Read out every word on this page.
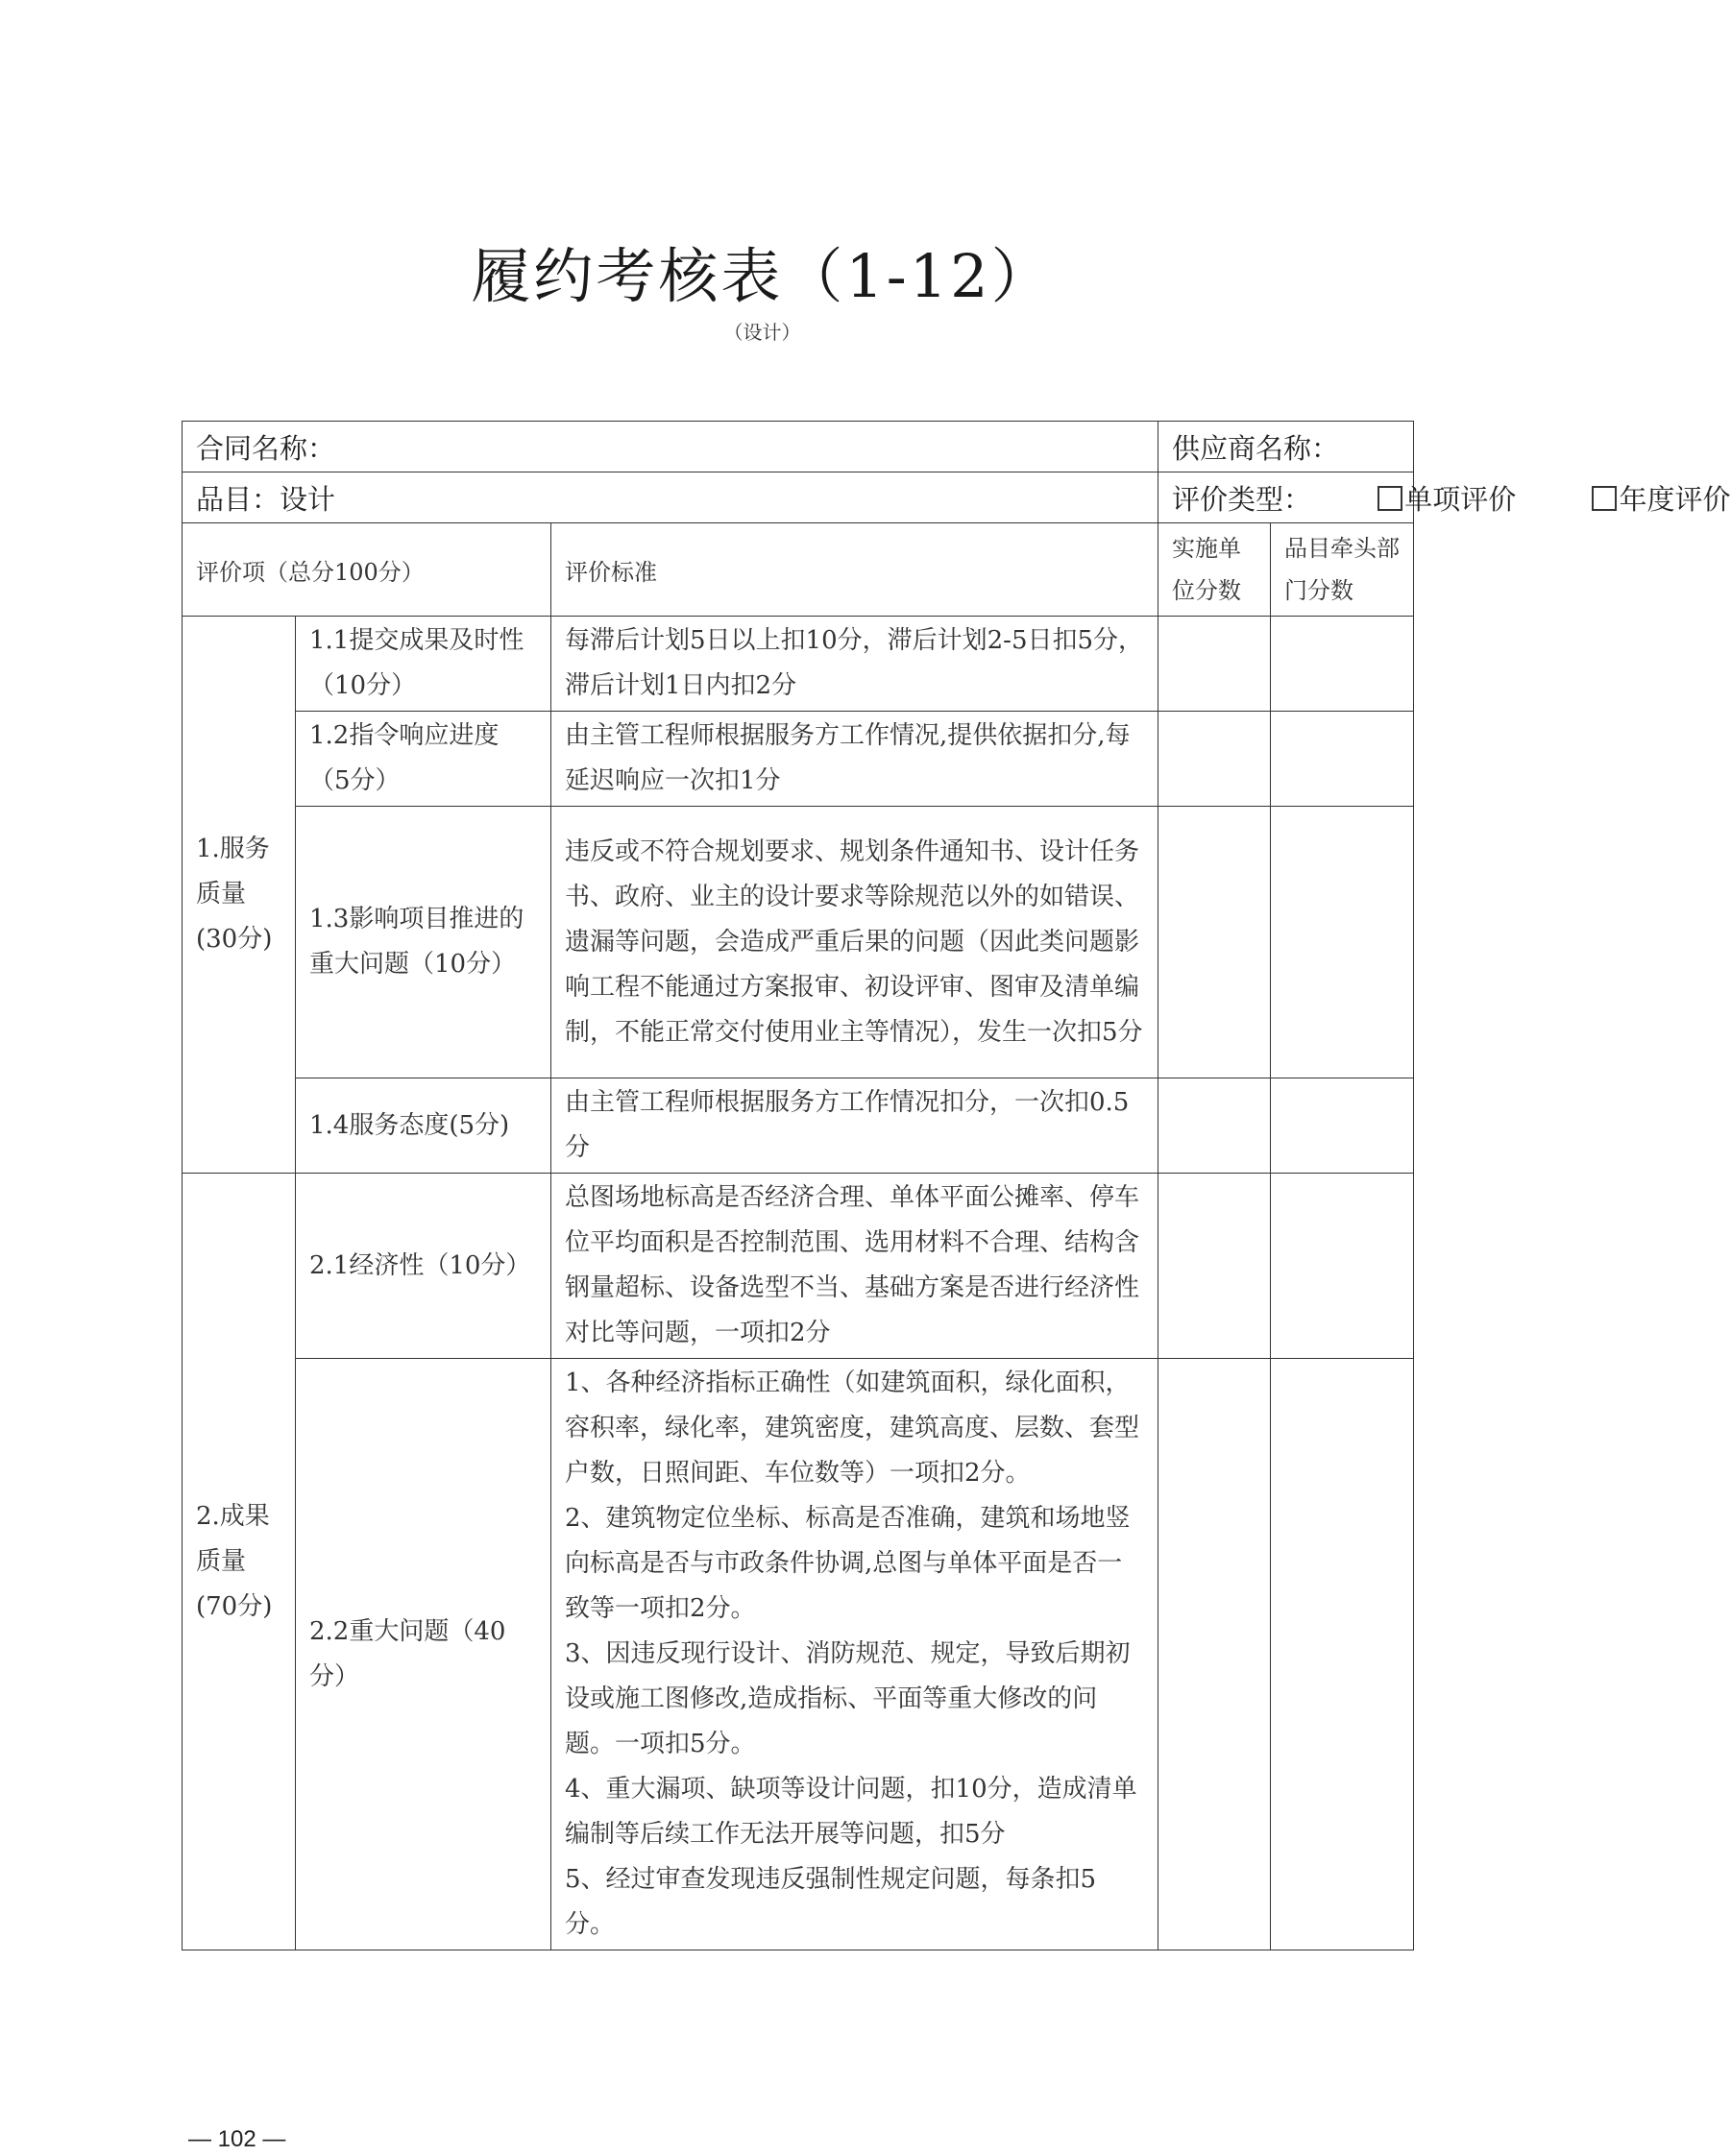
履约考核表（1-12）
（设计）
合同名称：			供应商名称：	
品目：设计			评价类型： 单项评价 年度评价	
评价项（总分100分）		评价标准	实施单位分数	品目牵头部门分数
1.服务质量(30分)	1.1提交成果及时性（10分）	每滞后计划5日以上扣10分，滞后计划2-5日扣5分，滞后计划1日内扣2分		
	1.2指令响应进度（5分）	由主管工程师根据服务方工作情况,提供依据扣分,每延迟响应一次扣1分		
	1.3影响项目推进的重大问题（10分）	违反或不符合规划要求、规划条件通知书、设计任务书、政府、业主的设计要求等除规范以外的如错误、遗漏等问题，会造成严重后果的问题（因此类问题影响工程不能通过方案报审、初设评审、图审及清单编制，不能正常交付使用业主等情况），发生一次扣5分		
	1.4服务态度(5分)	由主管工程师根据服务方工作情况扣分，一次扣0.5分		
2.成果质量(70分)	2.1经济性（10分）	总图场地标高是否经济合理、单体平面公摊率、停车位平均面积是否控制范围、选用材料不合理、结构含钢量超标、设备选型不当、基础方案是否进行经济性对比等问题，一项扣2分		
	2.2重大问题（40分）	1、各种经济指标正确性（如建筑面积，绿化面积，容积率，绿化率，建筑密度，建筑高度、层数、套型户数，日照间距、车位数等）一项扣2分。
2、建筑物定位坐标、标高是否准确，建筑和场地竖向标高是否与市政条件协调,总图与单体平面是否一致等一项扣2分。
3、因违反现行设计、消防规范、规定，导致后期初设或施工图修改,造成指标、平面等重大修改的问题。一项扣5分。
4、重大漏项、缺项等设计问题，扣10分，造成清单编制等后续工作无法开展等问题，扣5分
5、经过审查发现违反强制性规定问题，每条扣5分。		

— 102 —
